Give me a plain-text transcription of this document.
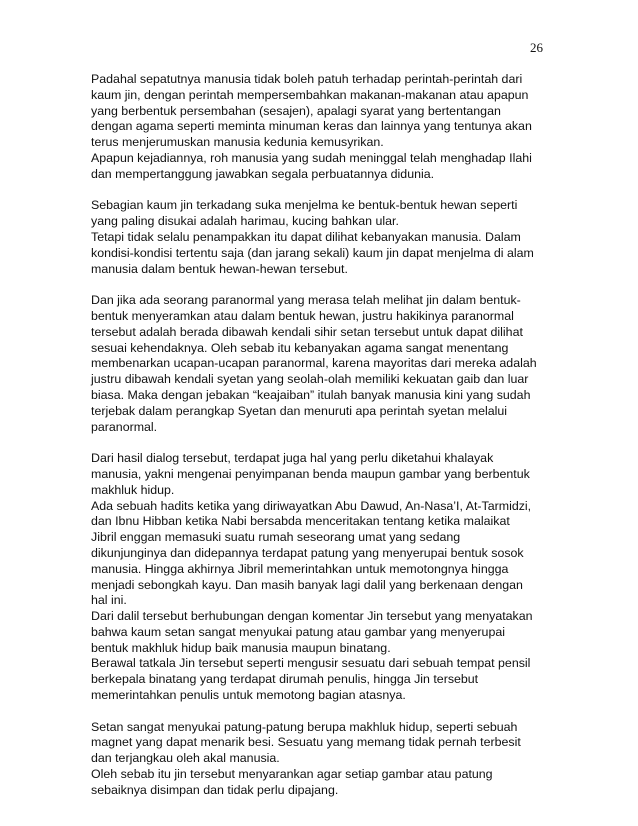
26
Padahal sepatutnya manusia tidak boleh patuh terhadap perintah-perintah dari
kaum jin, dengan perintah mempersembahkan makanan-makanan atau apapun
yang berbentuk persembahan (sesajen), apalagi syarat yang bertentangan
dengan agama seperti meminta minuman keras dan lainnya yang tentunya akan
terus menjerumuskan manusia kedunia kemusyrikan.
Apapun kejadiannya, roh manusia yang sudah meninggal telah menghadap Ilahi
dan mempertanggung jawabkan segala perbuatannya didunia.
Sebagian kaum jin terkadang suka menjelma ke bentuk-bentuk hewan seperti
yang paling disukai adalah harimau, kucing bahkan ular.
Tetapi tidak selalu penampakkan itu dapat dilihat kebanyakan manusia. Dalam
kondisi-kondisi tertentu saja (dan jarang sekali) kaum jin dapat menjelma di alam
manusia dalam bentuk hewan-hewan tersebut.
Dan jika ada seorang paranormal yang merasa telah melihat jin dalam bentuk-
bentuk menyeramkan atau dalam bentuk hewan, justru hakikinya paranormal
tersebut adalah berada dibawah kendali sihir setan tersebut untuk dapat dilihat
sesuai kehendaknya. Oleh sebab itu kebanyakan agama sangat menentang
membenarkan ucapan-ucapan paranormal, karena mayoritas dari mereka adalah
justru dibawah kendali syetan yang seolah-olah memiliki kekuatan gaib dan luar
biasa. Maka dengan jebakan “keajaiban” itulah banyak manusia kini yang sudah
terjebak dalam perangkap Syetan dan menuruti apa perintah syetan melalui
paranormal.
Dari hasil dialog tersebut, terdapat juga hal yang perlu diketahui khalayak
manusia, yakni mengenai penyimpanan benda maupun gambar yang berbentuk
makhluk hidup.
Ada sebuah hadits ketika yang diriwayatkan Abu Dawud, An-Nasa’I, At-Tarmidzi,
dan Ibnu Hibban ketika Nabi bersabda menceritakan tentang ketika malaikat
Jibril enggan memasuki suatu rumah seseorang umat yang sedang
dikunjunginya dan didepannya terdapat patung yang menyerupai bentuk sosok
manusia. Hingga akhirnya Jibril memerintahkan untuk memotongnya hingga
menjadi sebongkah kayu. Dan masih banyak lagi dalil yang berkenaan dengan
hal ini.
Dari dalil tersebut berhubungan dengan komentar Jin tersebut yang menyatakan
bahwa kaum setan sangat menyukai patung atau gambar yang menyerupai
bentuk makhluk hidup baik manusia maupun binatang.
Berawal tatkala Jin tersebut seperti mengusir sesuatu dari sebuah tempat pensil
berkepala binatang yang terdapat dirumah penulis, hingga Jin tersebut
memerintahkan penulis untuk memotong bagian atasnya.
Setan sangat menyukai patung-patung berupa makhluk hidup, seperti sebuah
magnet yang dapat menarik besi. Sesuatu yang memang tidak pernah terbesit
dan terjangkau oleh akal manusia.
Oleh sebab itu jin tersebut menyarankan agar setiap gambar atau patung
sebaiknya disimpan dan tidak perlu dipajang.
